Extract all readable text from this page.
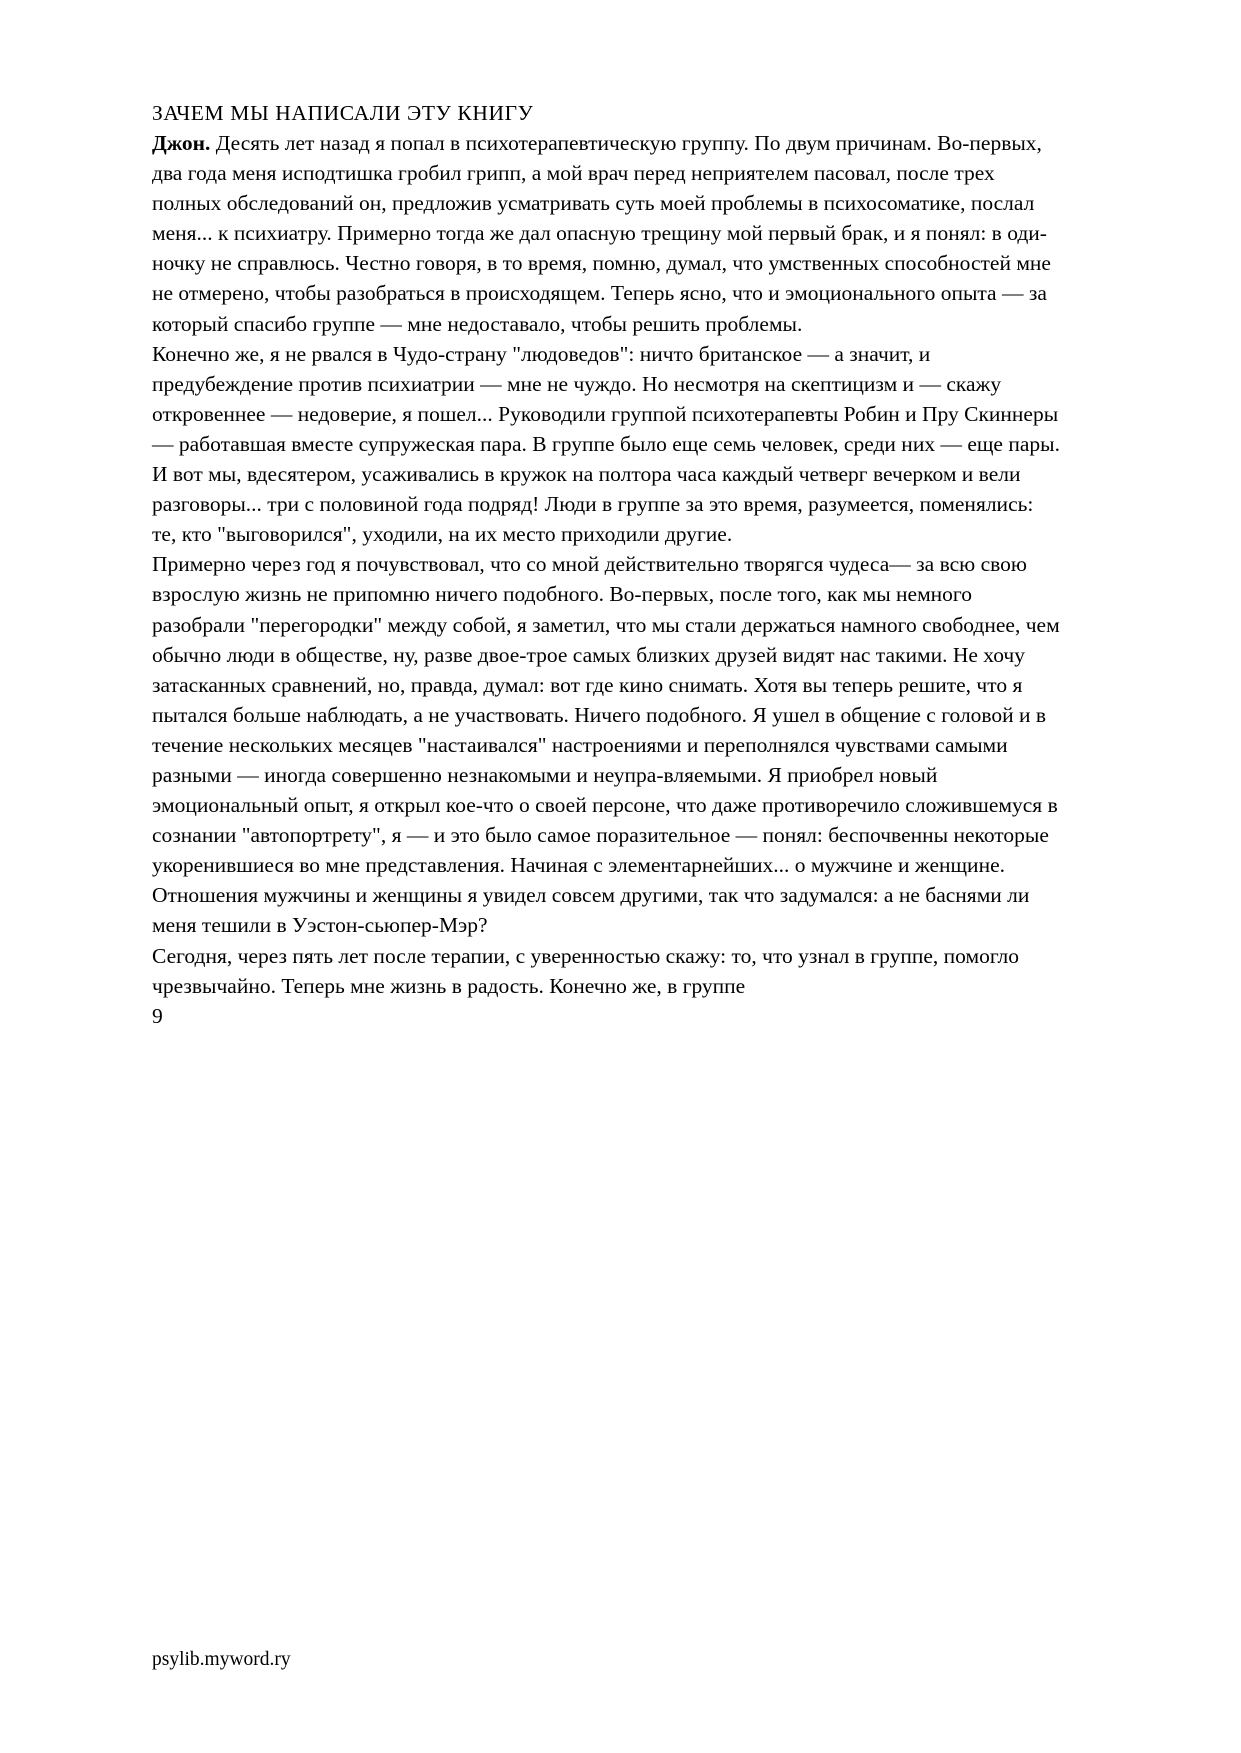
ЗАЧЕМ МЫ НАПИСАЛИ ЭТУ КНИГУ
Джон. Десять лет назад я попал в психотерапевтическую группу. По двум причинам. Во-первых,
два года меня исподтишка гробил грипп, а мой врач перед неприятелем пасовал, после трех
полных обследований он, предложив усматривать суть моей проблемы в психосоматике, послал
меня... к психиатру. Примерно тогда же дал опасную трещину мой первый брак, и я понял: в оди-
ночку не справлюсь. Честно говоря, в то время, помню, думал, что умственных способностей мне
не отмерено, чтобы разобраться в происходящем. Теперь ясно, что и эмоционального опыта — за
который спасибо группе — мне недоставало, чтобы решить проблемы.
Конечно же, я не рвался в Чудо-страну "людоведов": ничто британское — а значит, и
предубеждение против психиатрии — мне не чуждо. Но несмотря на скептицизм и — скажу
откровеннее — недоверие, я пошел... Руководили группой психотерапевты Робин и Пру Скиннеры
— работавшая вместе супружеская пара. В группе было еще семь человек, среди них — еще пары.
И вот мы, вдесятером, усаживались в кружок на полтора часа каждый четверг вечерком и вели
разговоры... три с половиной года подряд! Люди в группе за это время, разумеется, поменялись:
те, кто "выговорился", уходили, на их место приходили другие.
Примерно через год я почувствовал, что со мной действительно творягся чудеса— за всю свою
взрослую жизнь не припомню ничего подобного. Во-первых, после того, как мы немного
разобрали "перегородки" между собой, я заметил, что мы стали держаться намного свободнее, чем
обычно люди в обществе, ну, разве двое-трое самых близких друзей видят нас такими. Не хочу
затасканных сравнений, но, правда, думал: вот где кино снимать. Хотя вы теперь решите, что я
пытался больше наблюдать, а не участвовать. Ничего подобного. Я ушел в общение с головой и в
течение нескольких месяцев "настаивался" настроениями и переполнялся чувствами самыми
разными — иногда совершенно незнакомыми и неупра-вляемыми. Я приобрел новый
эмоциональный опыт, я открыл кое-что о своей персоне, что даже противоречило сложившемуся в
сознании "автопортрету", я — и это было самое поразительное — понял: беспочвенны некоторые
укоренившиеся во мне представления. Начиная с элементарнейших... о мужчине и женщине.
Отношения мужчины и женщины я увидел совсем другими, так что задумался: а не баснями ли
меня тешили в Уэстон-сьюпер-Мэр?
Сегодня, через пять лет после терапии, с уверенностью скажу: то, что узнал в группе, помогло
чрезвычайно. Теперь мне жизнь в радость. Конечно же, в группе
9
psylib.myword.ry
